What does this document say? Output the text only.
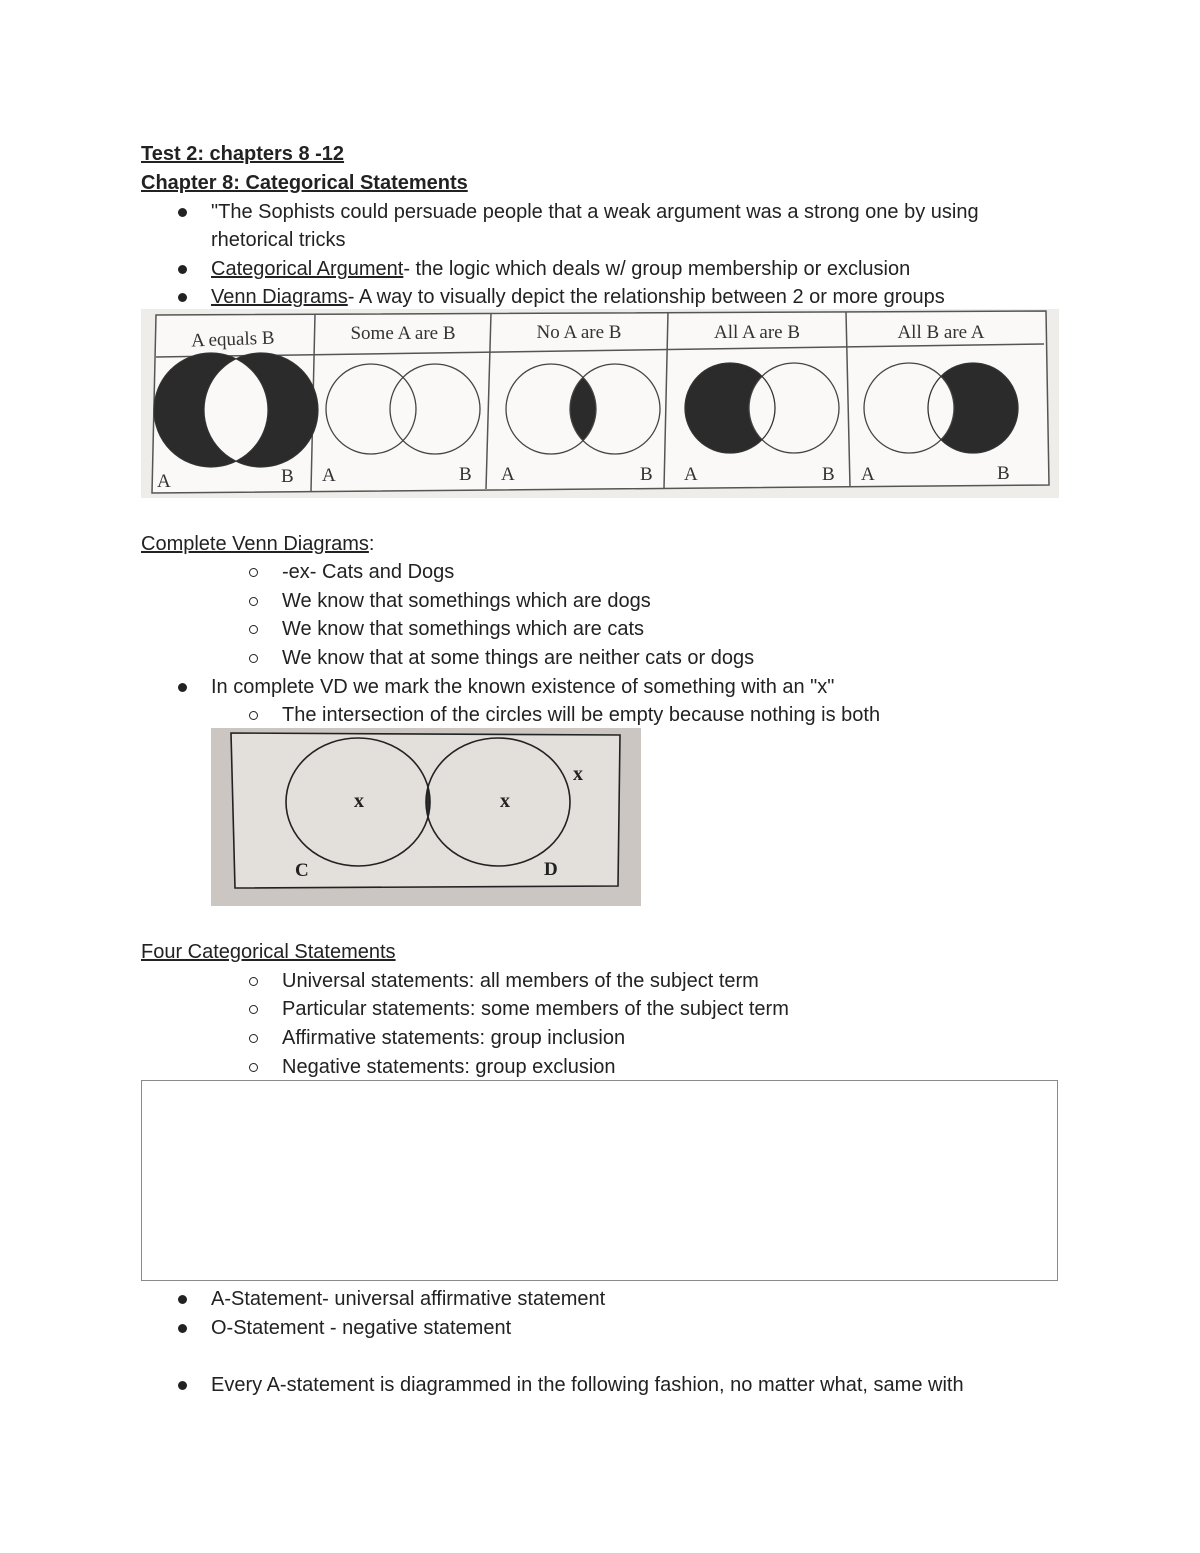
Test 2: chapters 8 -12
Chapter 8: Categorical Statements
"The Sophists could persuade people that a weak argument was a strong one by using
rhetorical tricks
Categorical Argument- the logic which deals w/ group membership or exclusion
Venn Diagrams- A way to visually depict the relationship between 2 or more groups
A equals B	Some A are B	No A are B	All A are B	All B are A
A	B A	B A	B A	B A	B
Complete Venn Diagrams:
-ex- Cats and Dogs
We know that somethings which are dogs
We know that somethings which are cats
We know that at some things are neither cats or dogs
In complete VD we mark the known existence of something with an "x"
The intersection of the circles will be empty because nothing is both
x	x
x
C	D
Four Categorical Statements
Universal statements: all members of the subject term
Particular statements: some members of the subject term
Affirmative statements: group inclusion
Negative statements: group exclusion
A-Statement- universal affirmative statement
O-Statement - negative statement
Every A-statement is diagrammed in the following fashion, no matter what, same with
